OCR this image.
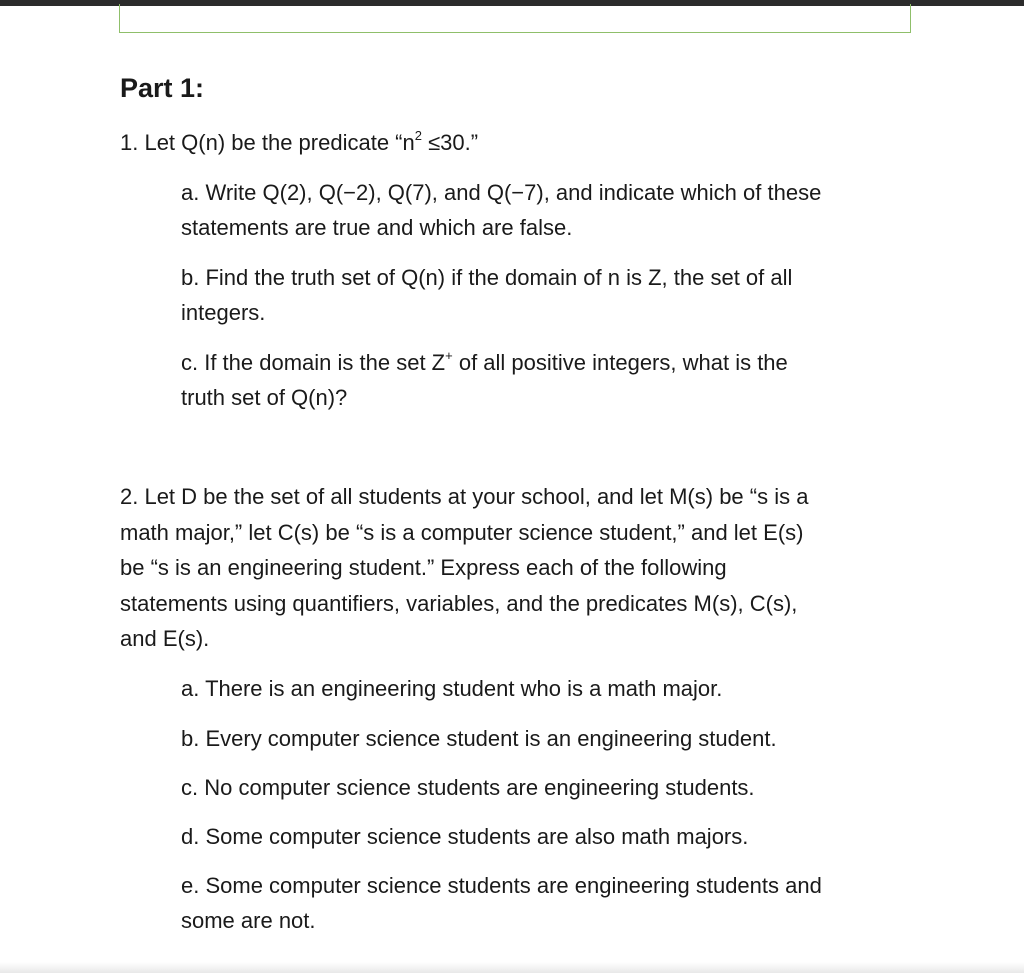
Part 1:

1. Let Q(n) be the predicate “$n^2 \le 30$.”

a. Write Q(2), Q(−2), Q(7), and Q(−7), and indicate which of these

statements are true and which are false.

b. Find the truth set of Q(n) if the domain of n is Z, the set of all

integers.

c. If the domain is the set Z+ of all positive integers, what is the

truth set of Q(n)?

2. Let D be the set of all students at your school, and let M(s) be “s is a

math major,” let C(s) be “s is a computer science student,” and let E(s)

be “s is an engineering student.” Express each of the following

statements using quantifiers, variables, and the predicates M(s), C(s),

and E(s).

a. There is an engineering student who is a math major.

b. Every computer science student is an engineering student.

c. No computer science students are engineering students.

d. Some computer science students are also math majors.

e. Some computer science students are engineering students and

some are not.
